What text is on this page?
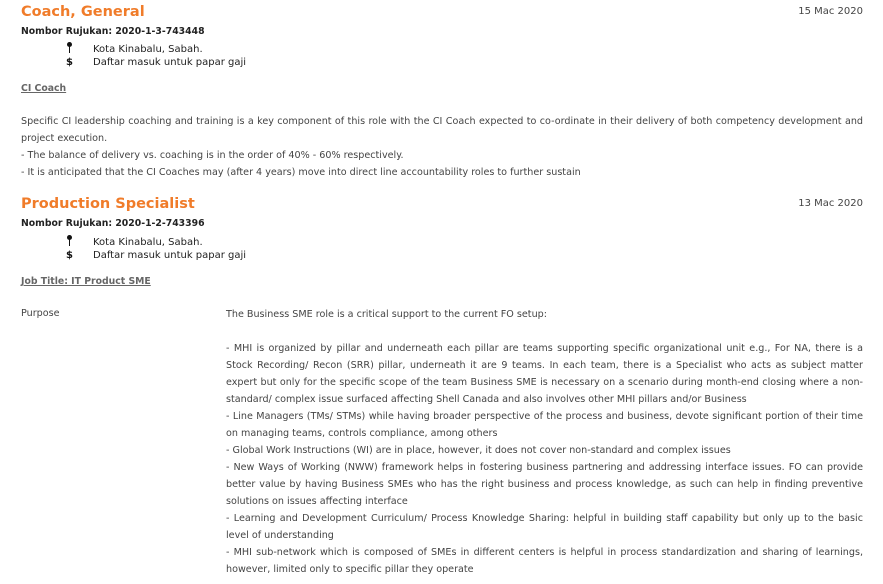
Coach, General	15 Mac 2020
Nombor Rujukan: 2020-1-3-743448
Kota Kinabalu, Sabah.
$ Daftar masuk untuk papar gaji
CI Coach
Specific CI leadership coaching and training is a key component of this role with the CI Coach expected to co-ordinate in their delivery of both competency development and project execution.
- The balance of delivery vs. coaching is in the order of 40% - 60% respectively.
- It is anticipated that the CI Coaches may (after 4 years) move into direct line accountability roles to further sustain
Production Specialist	13 Mac 2020
Nombor Rujukan: 2020-1-2-743396
Kota Kinabalu, Sabah.
$ Daftar masuk untuk papar gaji
Job Title: IT Product SME
Purpose	The Business SME role is a critical support to the current FO setup:
- MHI is organized by pillar and underneath each pillar are teams supporting specific organizational unit e.g., For NA, there is a Stock Recording/ Recon (SRR) pillar, underneath it are 9 teams. In each team, there is a Specialist who acts as subject matter expert but only for the specific scope of the team Business SME is necessary on a scenario during month-end closing where a non-standard/ complex issue surfaced affecting Shell Canada and also involves other MHI pillars and/or Business
- Line Managers (TMs/ STMs) while having broader perspective of the process and business, devote significant portion of their time on managing teams, controls compliance, among others
- Global Work Instructions (WI) are in place, however, it does not cover non-standard and complex issues
- New Ways of Working (NWW) framework helps in fostering business partnering and addressing interface issues. FO can provide better value by having Business SMEs who has the right business and process knowledge, as such can help in finding preventive solutions on issues affecting interface
- Learning and Development Curriculum/ Process Knowledge Sharing: helpful in building staff capability but only up to the basic level of understanding
- MHI sub-network which is composed of SMEs in different centers is helpful in process standardization and sharing of learnings, however, limited only to specific pillar they operate
